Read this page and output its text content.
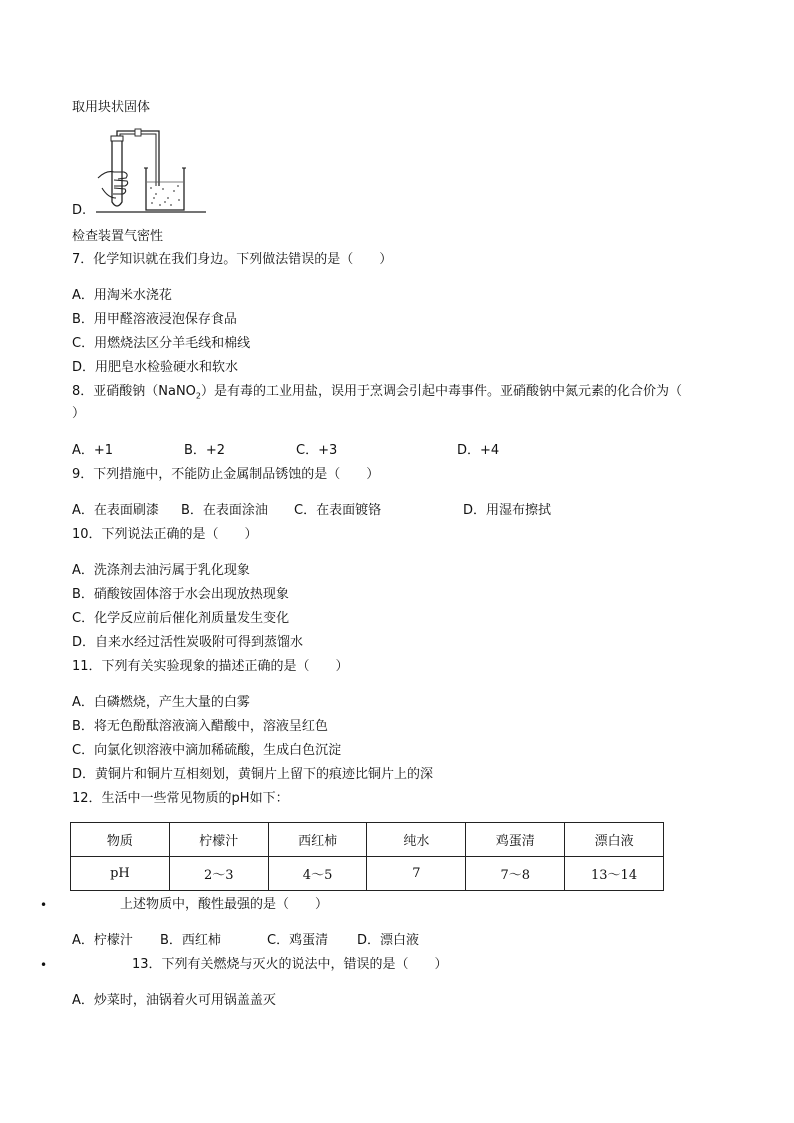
取用块状固体
D.
检查装置气密性
7．化学知识就在我们身边。下列做法错误的是（　　）
A．用淘米水浇花
B．用甲醛溶液浸泡保存食品
C．用燃烧法区分羊毛线和棉线
D．用肥皂水检验硬水和软水
8．亚硝酸钠（NaNO$_2$）是有毒的工业用盐，误用于烹调会引起中毒事件。亚硝酸钠中氮元素的化合价为（
）
A．+1	B．+2	C．+3	D．+4
9．下列措施中，不能防止金属制品锈蚀的是（　　）
A．在表面刷漆 B．在表面涂油 C．在表面镀铬	D．用湿布擦拭
10．下列说法正确的是（　　）
A．洗涤剂去油污属于乳化现象
B．硝酸铵固体溶于水会出现放热现象
C．化学反应前后催化剂质量发生变化
D．自来水经过活性炭吸附可得到蒸馏水
11．下列有关实验现象的描述正确的是（　　）
A．白磷燃烧，产生大量的白雾
B．将无色酚酞溶液滴入醋酸中，溶液呈红色
C．向氯化钡溶液中滴加稀硫酸，生成白色沉淀
D．黄铜片和铜片互相刻划，黄铜片上留下的痕迹比铜片上的深
12．生活中一些常见物质的pH如下：
物质	柠檬汁	西红柿	纯水	鸡蛋清	漂白液
pH	2～3	4～5	7	7～8	13～14
•	上述物质中，酸性最强的是（　　）
A．柠檬汁 B．西红柿	C．鸡蛋清 D．漂白液
•	13．下列有关燃烧与灭火的说法中，错误的是（　　）
A．炒菜时，油锅着火可用锅盖盖灭
